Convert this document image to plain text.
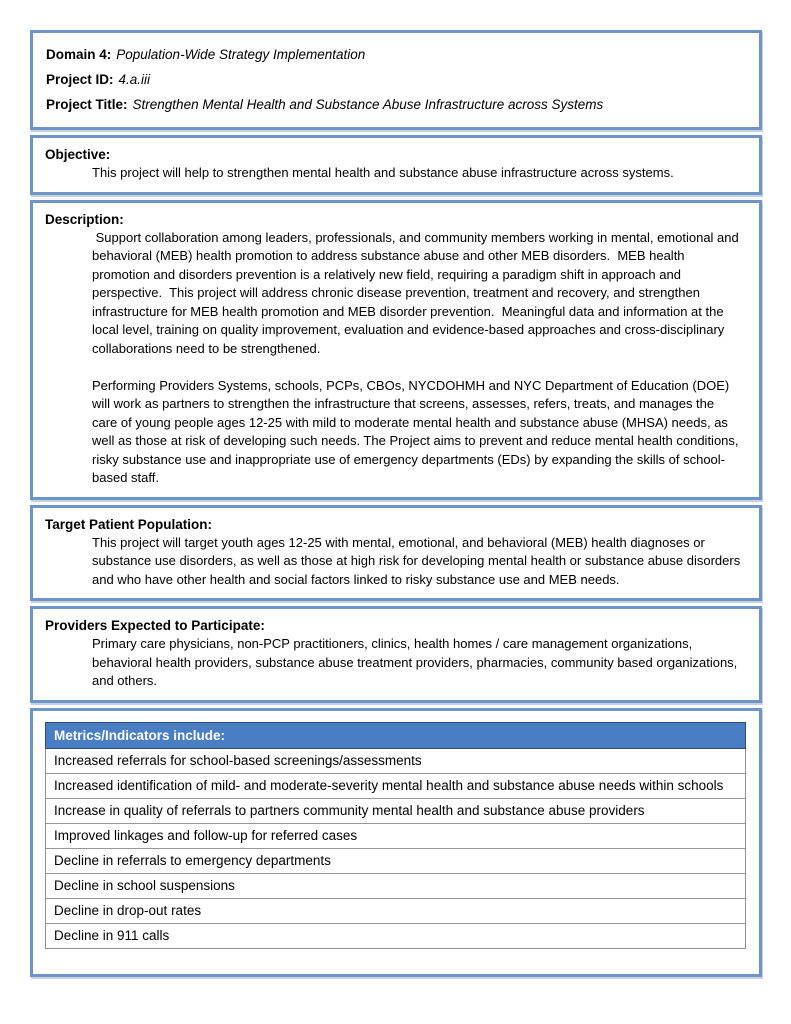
Domain 4: Population-Wide Strategy Implementation
Project ID: 4.a.iii
Project Title: Strengthen Mental Health and Substance Abuse Infrastructure across Systems
Objective:

This project will help to strengthen mental health and substance abuse infrastructure across systems.

Description:

Support collaboration among leaders, professionals, and community members working in mental, emotional and behavioral (MEB) health promotion to address substance abuse and other MEB disorders.  MEB health promotion and disorders prevention is a relatively new field, requiring a paradigm shift in approach and perspective.  This project will address chronic disease prevention, treatment and recovery, and strengthen infrastructure for MEB health promotion and MEB disorder prevention.  Meaningful data and information at the local level, training on quality improvement, evaluation and evidence-based approaches and cross-disciplinary collaborations need to be strengthened.

Performing Providers Systems, schools, PCPs, CBOs, NYCDOHMH and NYC Department of Education (DOE) will work as partners to strengthen the infrastructure that screens, assesses, refers, treats, and manages the care of young people ages 12-25 with mild to moderate mental health and substance abuse (MHSA) needs, as well as those at risk of developing such needs. The Project aims to prevent and reduce mental health conditions, risky substance use and inappropriate use of emergency departments (EDs) by expanding the skills of school-based staff.

Target Patient Population:

This project will target youth ages 12-25 with mental, emotional, and behavioral (MEB) health diagnoses or substance use disorders, as well as those at high risk for developing mental health or substance abuse disorders and who have other health and social factors linked to risky substance use and MEB needs.

Providers Expected to Participate:

Primary care physicians, non-PCP practitioners, clinics, health homes / care management organizations, behavioral health providers, substance abuse treatment providers, pharmacies, community based organizations, and others.

Metrics/Indicators include:
Increased referrals for school-based screenings/assessments
Increased identification of mild- and moderate-severity mental health and substance abuse needs within schools
Increase in quality of referrals to partners community mental health and substance abuse providers
Improved linkages and follow-up for referred cases
Decline in referrals to emergency departments
Decline in school suspensions
Decline in drop-out rates
Decline in 911 calls
